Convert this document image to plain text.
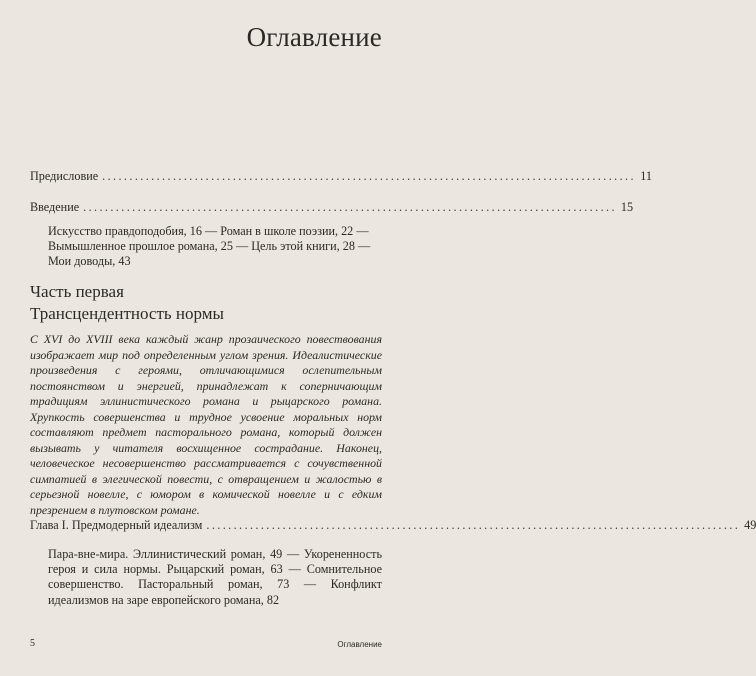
Оглавление
Предисловие .................................................................................................. 11
Введение .................................................................................................. 15

Искусство правдоподобия, 16 — Роман в школе поэзии, 22 — Вымышленное прошлое романа, 25 — Цель этой книги, 28 — Мои доводы, 43

Часть первая
Трансцендентность нормы

С XVI до XVIII века каждый жанр прозаического повествования изображает мир под определенным углом зрения. Идеалистические произведения с героями, отличающимися ослепительным постоянством и энергией, принадлежат к соперничающим традициям эллинистического романа и рыцарского романа. Хрупкость совершенства и трудное усвоение моральных норм составляют предмет пасторального романа, который должен вызывать у читателя восхищенное сострадание. Наконец, человеческое несовершенство рассматривается с сочувственной симпатией в элегической повести, с отвращением и жалостью в серьезной новелле, с юмором в комической новелле и с едким презрением в плутовском романе.

Глава I. Предмодерный идеализм .................................................................................................. 49

Пара-вне-мира. Эллинистический роман, 49 — Укорененность героя и сила нормы. Рыцарский роман, 63 — Сомнительное совершенство. Пасторальный роман, 73 — Конфликт идеализмов на заре европейского романа, 82

5	Оглавление
